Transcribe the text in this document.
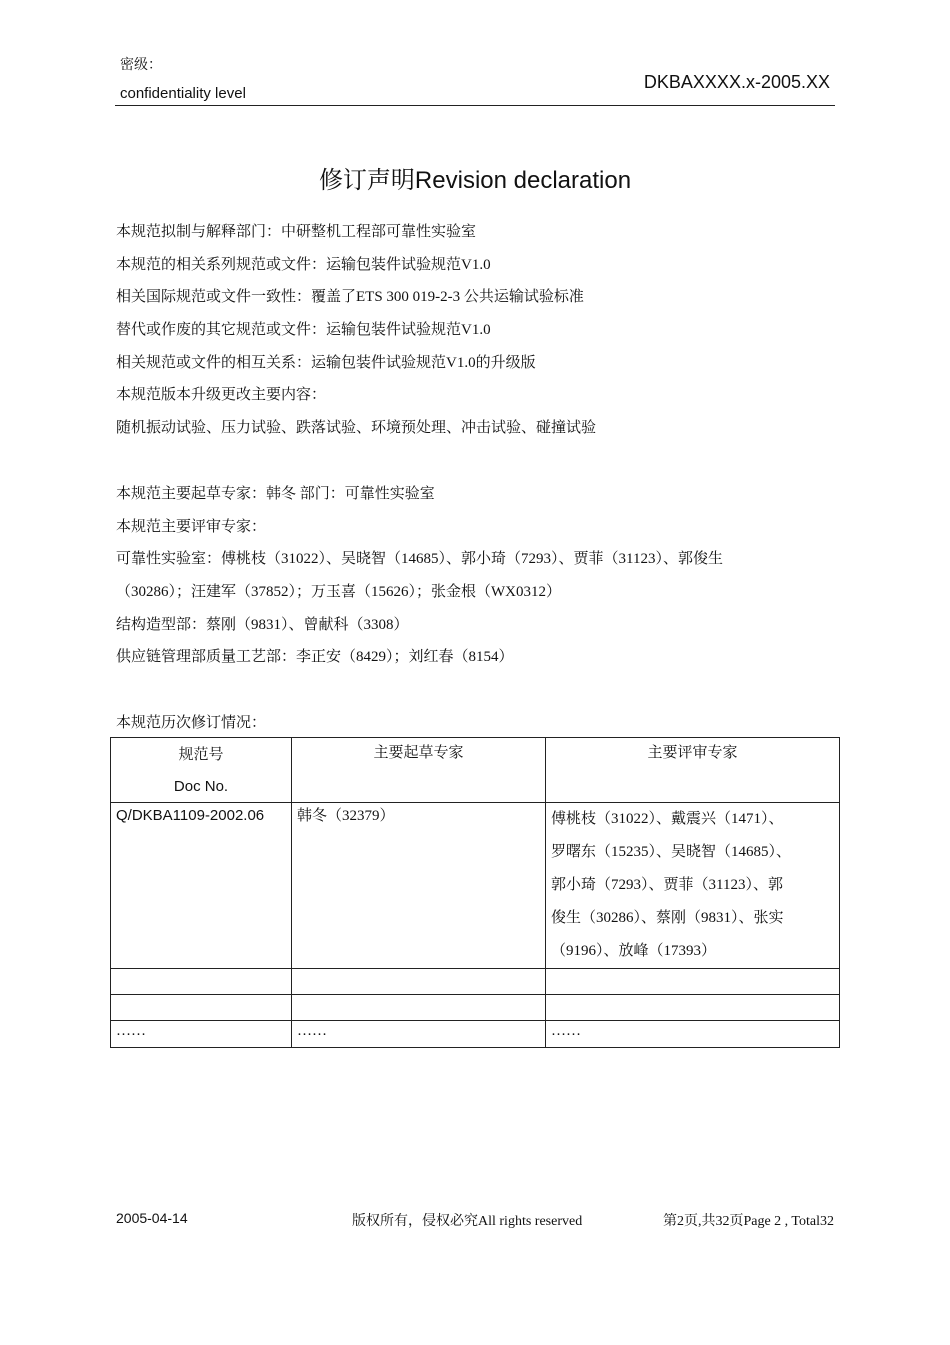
密级：
confidentiality level
DKBAXXXX.x-2005.XX
修订声明Revision declaration
本规范拟制与解释部门：中研整机工程部可靠性实验室
本规范的相关系列规范或文件：运输包装件试验规范V1.0
相关国际规范或文件一致性：覆盖了ETS 300 019-2-3 公共运输试验标准
替代或作废的其它规范或文件：运输包装件试验规范V1.0
相关规范或文件的相互关系：运输包装件试验规范V1.0的升级版
本规范版本升级更改主要内容：
随机振动试验、压力试验、跌落试验、环境预处理、冲击试验、碰撞试验
本规范主要起草专家：韩冬 部门：可靠性实验室
本规范主要评审专家：
可靠性实验室：傅桃枝（31022）、吴晓智（14685）、郭小琦（7293）、贾菲（31123）、郭俊生
（30286）；汪建军（37852）；万玉喜（15626）；张金根（WX0312）
结构造型部：蔡刚（9831）、曾献科（3308）
供应链管理部质量工艺部：李正安（8429）；刘红春（8154）
本规范历次修订情况：
规范号
Doc No.	主要起草专家	主要评审专家
Q/DKBA1109-2002.06	韩冬（32379）	傅桃枝（31022）、戴震兴（1471）、
罗曙东（15235）、吴晓智（14685）、
郭小琦（7293）、贾菲（31123）、郭
俊生（30286）、蔡刚（9831）、张实
（9196）、放峰（17393）

……	……	……
2005-04-14	版权所有，侵权必究All rights reserved	第2页,共32页Page 2 , Total32
